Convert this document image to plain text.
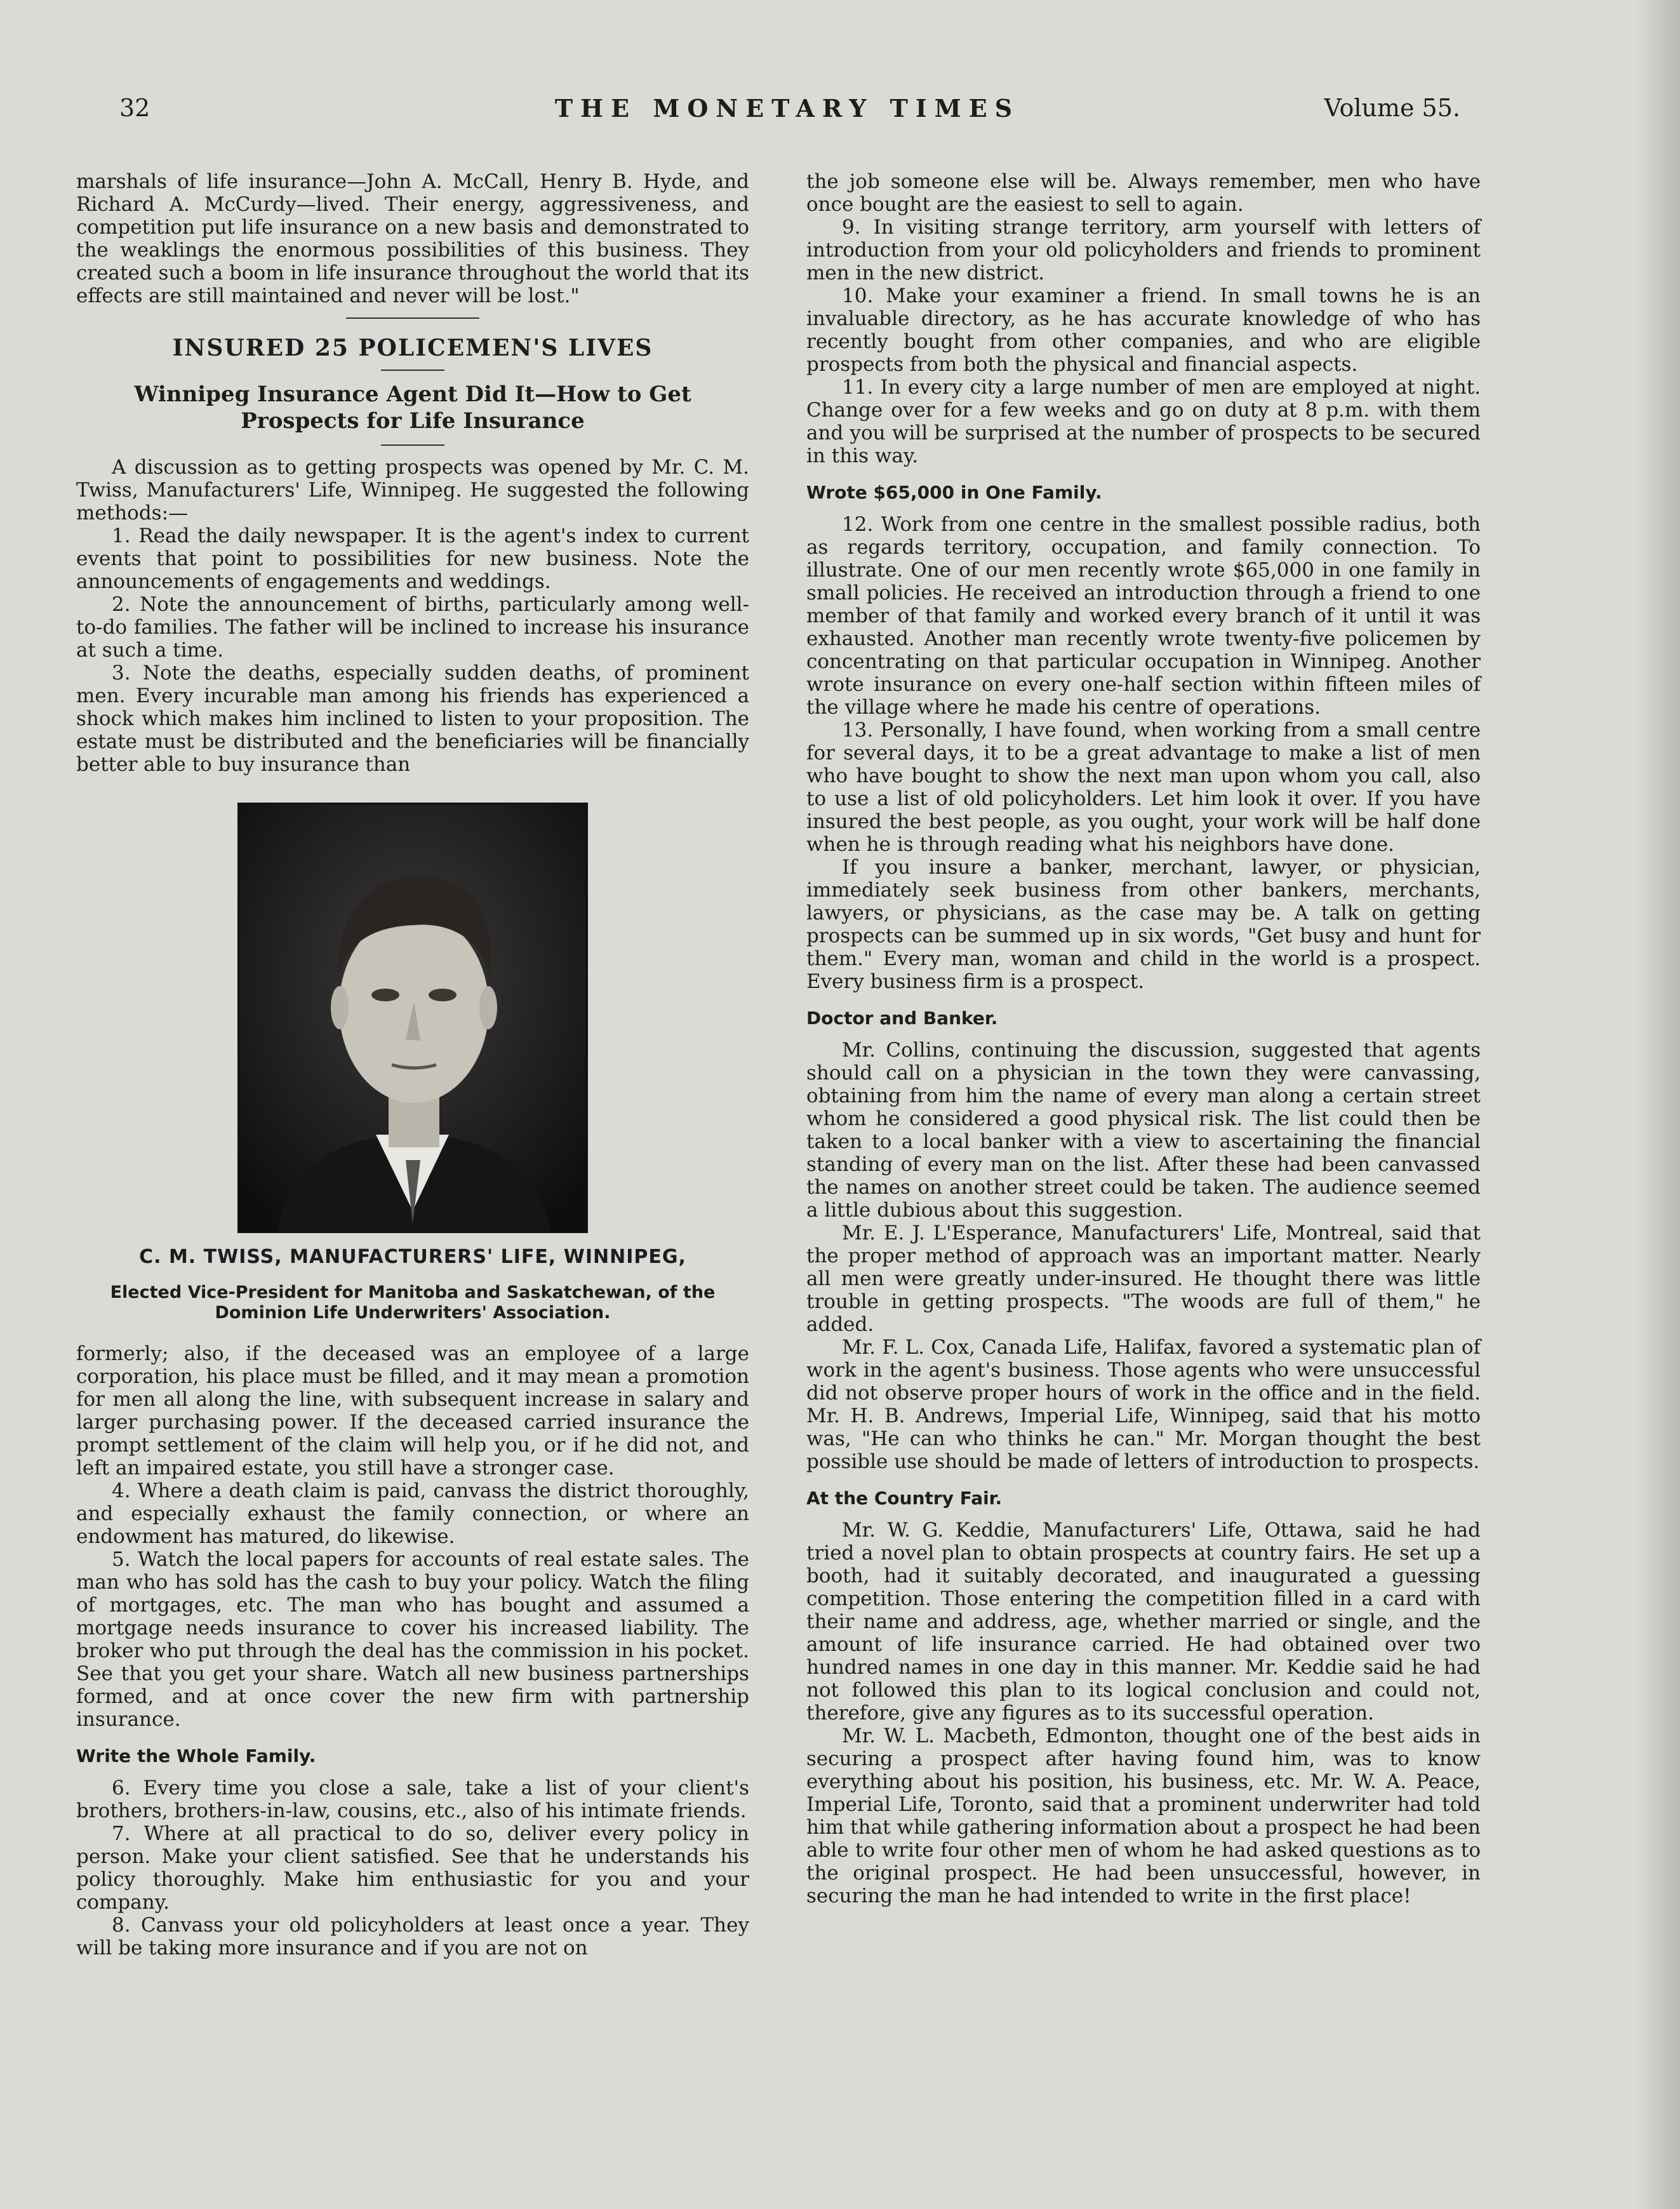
32	THE MONETARY TIMES	Volume 55.

marshals of life insurance—John A. McCall, Henry B. Hyde, and Richard A. McCurdy—lived. Their energy, aggressiveness, and competition put life insurance on a new basis and demonstrated to the weaklings the enormous possibilities of this business. They created such a boom in life insurance throughout the world that its effects are still maintained and never will be lost."

INSURED 25 POLICEMEN'S LIVES
Winnipeg Insurance Agent Did It—How to Get Prospects for Life Insurance

A discussion as to getting prospects was opened by Mr. C. M. Twiss, Manufacturers' Life, Winnipeg. He suggested the following methods:—

1. Read the daily newspaper. It is the agent's index to current events that point to possibilities for new business. Note the announcements of engagements and weddings.

2. Note the announcement of births, particularly among well-to-do families. The father will be inclined to increase his insurance at such a time.

3. Note the deaths, especially sudden deaths, of prominent men. Every incurable man among his friends has experienced a shock which makes him inclined to listen to your proposition. The estate must be distributed and the beneficiaries will be financially better able to buy insurance than

C. M. TWISS, MANUFACTURERS' LIFE, WINNIPEG,
Elected Vice-President for Manitoba and Saskatchewan, of the Dominion Life Underwriters' Association.

formerly; also, if the deceased was an employee of a large corporation, his place must be filled, and it may mean a promotion for men all along the line, with subsequent increase in salary and larger purchasing power. If the deceased carried insurance the prompt settlement of the claim will help you, or if he did not, and left an impaired estate, you still have a stronger case.

4. Where a death claim is paid, canvass the district thoroughly, and especially exhaust the family connection, or where an endowment has matured, do likewise.

5. Watch the local papers for accounts of real estate sales. The man who has sold has the cash to buy your policy. Watch the filing of mortgages, etc. The man who has bought and assumed a mortgage needs insurance to cover his increased liability. The broker who put through the deal has the commission in his pocket. See that you get your share. Watch all new business partnerships formed, and at once cover the new firm with partnership insurance.

Write the Whole Family.

6. Every time you close a sale, take a list of your client's brothers, brothers-in-law, cousins, etc., also of his intimate friends.

7. Where at all practical to do so, deliver every policy in person. Make your client satisfied. See that he understands his policy thoroughly. Make him enthusiastic for you and your company.

8. Canvass your old policyholders at least once a year. They will be taking more insurance and if you are not on

the job someone else will be. Always remember, men who have once bought are the easiest to sell to again.

9. In visiting strange territory, arm yourself with letters of introduction from your old policyholders and friends to prominent men in the new district.

10. Make your examiner a friend. In small towns he is an invaluable directory, as he has accurate knowledge of who has recently bought from other companies, and who are eligible prospects from both the physical and financial aspects.

11. In every city a large number of men are employed at night. Change over for a few weeks and go on duty at 8 p.m. with them and you will be surprised at the number of prospects to be secured in this way.

Wrote $65,000 in One Family.

12. Work from one centre in the smallest possible radius, both as regards territory, occupation, and family connection. To illustrate. One of our men recently wrote $65,000 in one family in small policies. He received an introduction through a friend to one member of that family and worked every branch of it until it was exhausted. Another man recently wrote twenty-five policemen by concentrating on that particular occupation in Winnipeg. Another wrote insurance on every one-half section within fifteen miles of the village where he made his centre of operations.

13. Personally, I have found, when working from a small centre for several days, it to be a great advantage to make a list of men who have bought to show the next man upon whom you call, also to use a list of old policyholders. Let him look it over. If you have insured the best people, as you ought, your work will be half done when he is through reading what his neighbors have done.

If you insure a banker, merchant, lawyer, or physician, immediately seek business from other bankers, merchants, lawyers, or physicians, as the case may be. A talk on getting prospects can be summed up in six words, "Get busy and hunt for them." Every man, woman and child in the world is a prospect. Every business firm is a prospect.

Doctor and Banker.

Mr. Collins, continuing the discussion, suggested that agents should call on a physician in the town they were canvassing, obtaining from him the name of every man along a certain street whom he considered a good physical risk. The list could then be taken to a local banker with a view to ascertaining the financial standing of every man on the list. After these had been canvassed the names on another street could be taken. The audience seemed a little dubious about this suggestion.

Mr. E. J. L'Esperance, Manufacturers' Life, Montreal, said that the proper method of approach was an important matter. Nearly all men were greatly under-insured. He thought there was little trouble in getting prospects. "The woods are full of them," he added.

Mr. F. L. Cox, Canada Life, Halifax, favored a systematic plan of work in the agent's business. Those agents who were unsuccessful did not observe proper hours of work in the office and in the field. Mr. H. B. Andrews, Imperial Life, Winnipeg, said that his motto was, "He can who thinks he can." Mr. Morgan thought the best possible use should be made of letters of introduction to prospects.

At the Country Fair.

Mr. W. G. Keddie, Manufacturers' Life, Ottawa, said he had tried a novel plan to obtain prospects at country fairs. He set up a booth, had it suitably decorated, and inaugurated a guessing competition. Those entering the competition filled in a card with their name and address, age, whether married or single, and the amount of life insurance carried. He had obtained over two hundred names in one day in this manner. Mr. Keddie said he had not followed this plan to its logical conclusion and could not, therefore, give any figures as to its successful operation.

Mr. W. L. Macbeth, Edmonton, thought one of the best aids in securing a prospect after having found him, was to know everything about his position, his business, etc. Mr. W. A. Peace, Imperial Life, Toronto, said that a prominent underwriter had told him that while gathering information about a prospect he had been able to write four other men of whom he had asked questions as to the original prospect. He had been unsuccessful, however, in securing the man he had intended to write in the first place!
